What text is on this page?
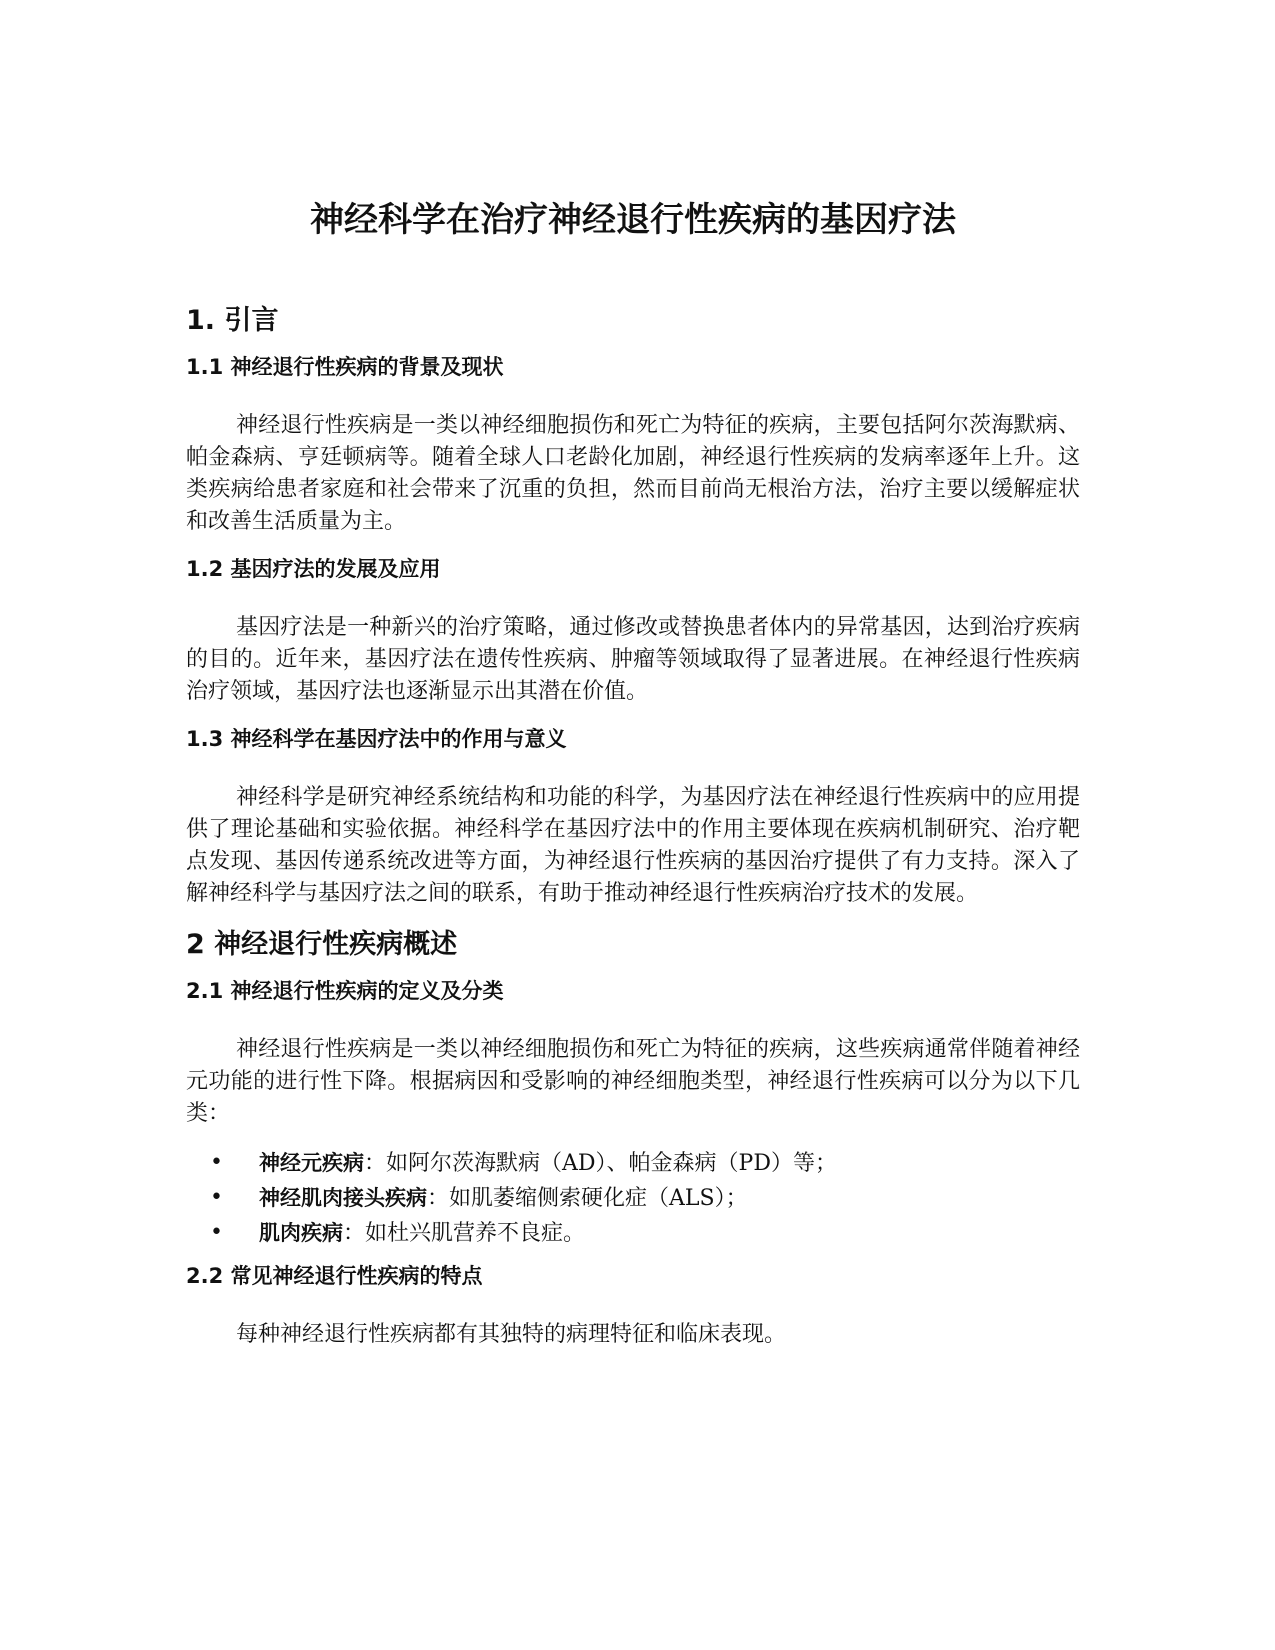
神经科学在治疗神经退行性疾病的基因疗法
1. 引言
1.1 神经退行性疾病的背景及现状

神经退行性疾病是一类以神经细胞损伤和死亡为特征的疾病，主要包括阿尔茨海默病、帕金森病、亨廷顿病等。随着全球人口老龄化加剧，神经退行性疾病的发病率逐年上升。这类疾病给患者家庭和社会带来了沉重的负担，然而目前尚无根治方法，治疗主要以缓解症状和改善生活质量为主。

1.2 基因疗法的发展及应用

基因疗法是一种新兴的治疗策略，通过修改或替换患者体内的异常基因，达到治疗疾病的目的。近年来，基因疗法在遗传性疾病、肿瘤等领域取得了显著进展。在神经退行性疾病治疗领域，基因疗法也逐渐显示出其潜在价值。

1.3 神经科学在基因疗法中的作用与意义

神经科学是研究神经系统结构和功能的科学，为基因疗法在神经退行性疾病中的应用提供了理论基础和实验依据。神经科学在基因疗法中的作用主要体现在疾病机制研究、治疗靶点发现、基因传递系统改进等方面，为神经退行性疾病的基因治疗提供了有力支持。深入了解神经科学与基因疗法之间的联系，有助于推动神经退行性疾病治疗技术的发展。

2 神经退行性疾病概述
2.1 神经退行性疾病的定义及分类

神经退行性疾病是一类以神经细胞损伤和死亡为特征的疾病，这些疾病通常伴随着神经元功能的进行性下降。根据病因和受影响的神经细胞类型，神经退行性疾病可以分为以下几类：

• 神经元疾病：如阿尔茨海默病（AD）、帕金森病（PD）等；
• 神经肌肉接头疾病：如肌萎缩侧索硬化症（ALS）；
• 肌肉疾病：如杜兴肌营养不良症。
2.2 常见神经退行性疾病的特点

每种神经退行性疾病都有其独特的病理特征和临床表现。
